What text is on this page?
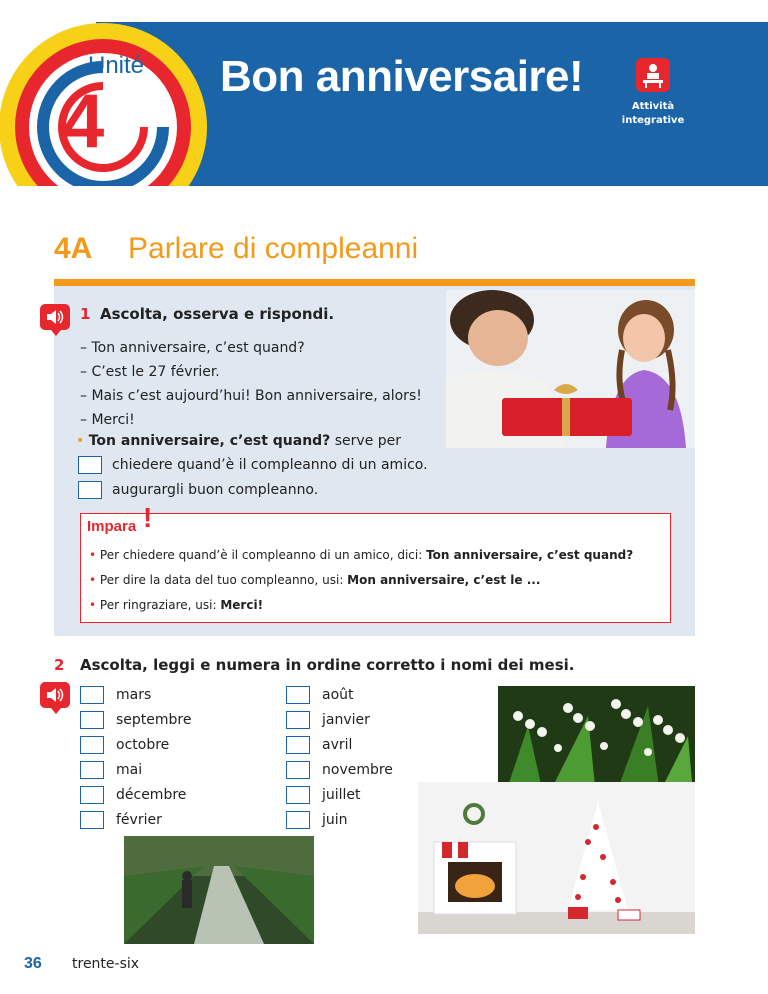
Unité
4
Bon anniversaire!
Attività
integrative
4A Parlare di compleanni
1 Ascolta, osserva e rispondi.
– Ton anniversaire, c’est quand?
– C’est le 27 février.
– Mais c’est aujourd’hui! Bon anniversaire, alors!
– Merci!
• Ton anniversaire, c’est quand? serve per
chiedere quand’è il compleanno di un amico.
augurargli buon compleanno.
Impara !
• Per chiedere quand’è il compleanno di un amico, dici: Ton anniversaire, c’est quand?
• Per dire la data del tuo compleanno, usi: Mon anniversaire, c’est le ...
• Per ringraziare, usi: Merci!
2 Ascolta, leggi e numera in ordine corretto i nomi dei mesi.
mars
septembre
octobre
mai
décembre
février
août
janvier
avril
novembre
juillet
juin
36 trente-six
